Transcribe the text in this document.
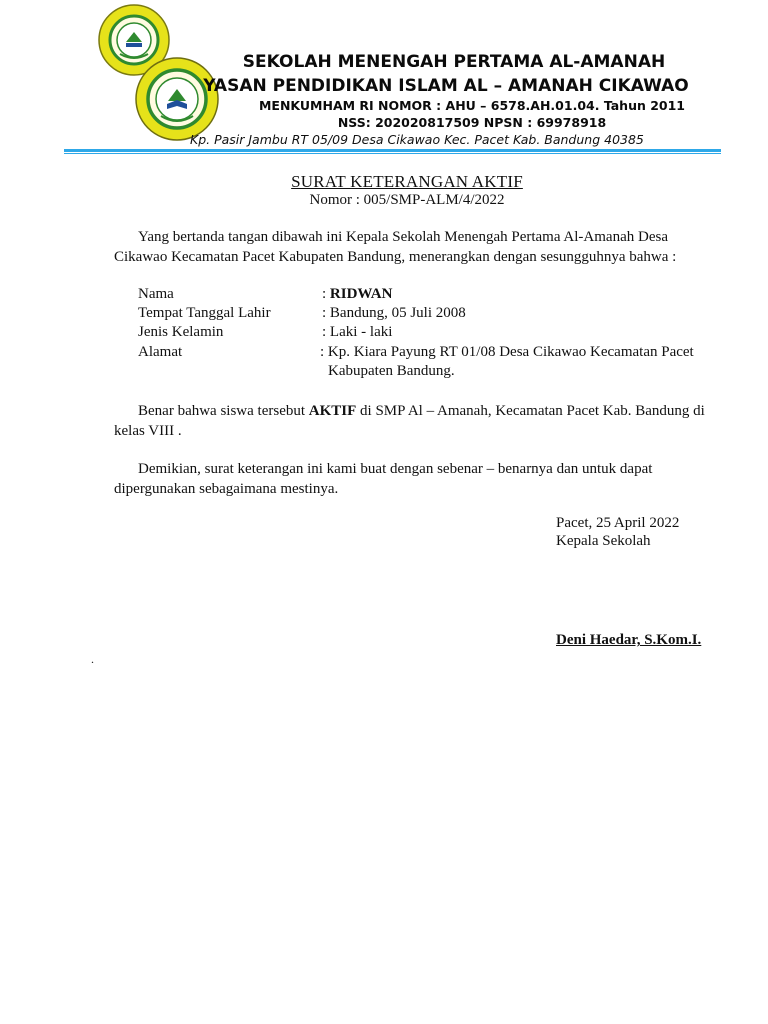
SEKOLAH MENENGAH PERTAMA AL-AMANAH
YASAN PENDIDIKAN ISLAM AL – AMANAH CIKAWAO
MENKUMHAM RI NOMOR : AHU – 6578.AH.01.04. Tahun 2011
NSS: 202020817509 NPSN : 69978918
Kp. Pasir Jambu RT 05/09 Desa Cikawao Kec. Pacet Kab. Bandung 40385
SURAT KETERANGAN AKTIF
Nomor : 005/SMP-ALM/4/2022
Yang bertanda tangan dibawah ini Kepala Sekolah Menengah Pertama Al-Amanah Desa Cikawao Kecamatan Pacet Kabupaten Bandung, menerangkan dengan sesungguhnya bahwa :
Nama	: RIDWAN
Tempat Tanggal Lahir	: Bandung, 05 Juli 2008
Jenis Kelamin	: Laki - laki
Alamat	: Kp. Kiara Payung RT 01/08 Desa Cikawao Kecamatan Pacet
Kabupaten Bandung.
Benar bahwa siswa tersebut AKTIF di SMP Al – Amanah, Kecamatan Pacet Kab. Bandung di kelas VIII .
Demikian, surat keterangan ini kami buat dengan sebenar – benarnya dan untuk dapat dipergunakan sebagaimana mestinya.
Pacet, 25 April 2022
Kepala Sekolah
Deni Haedar, S.Kom.I.
.
